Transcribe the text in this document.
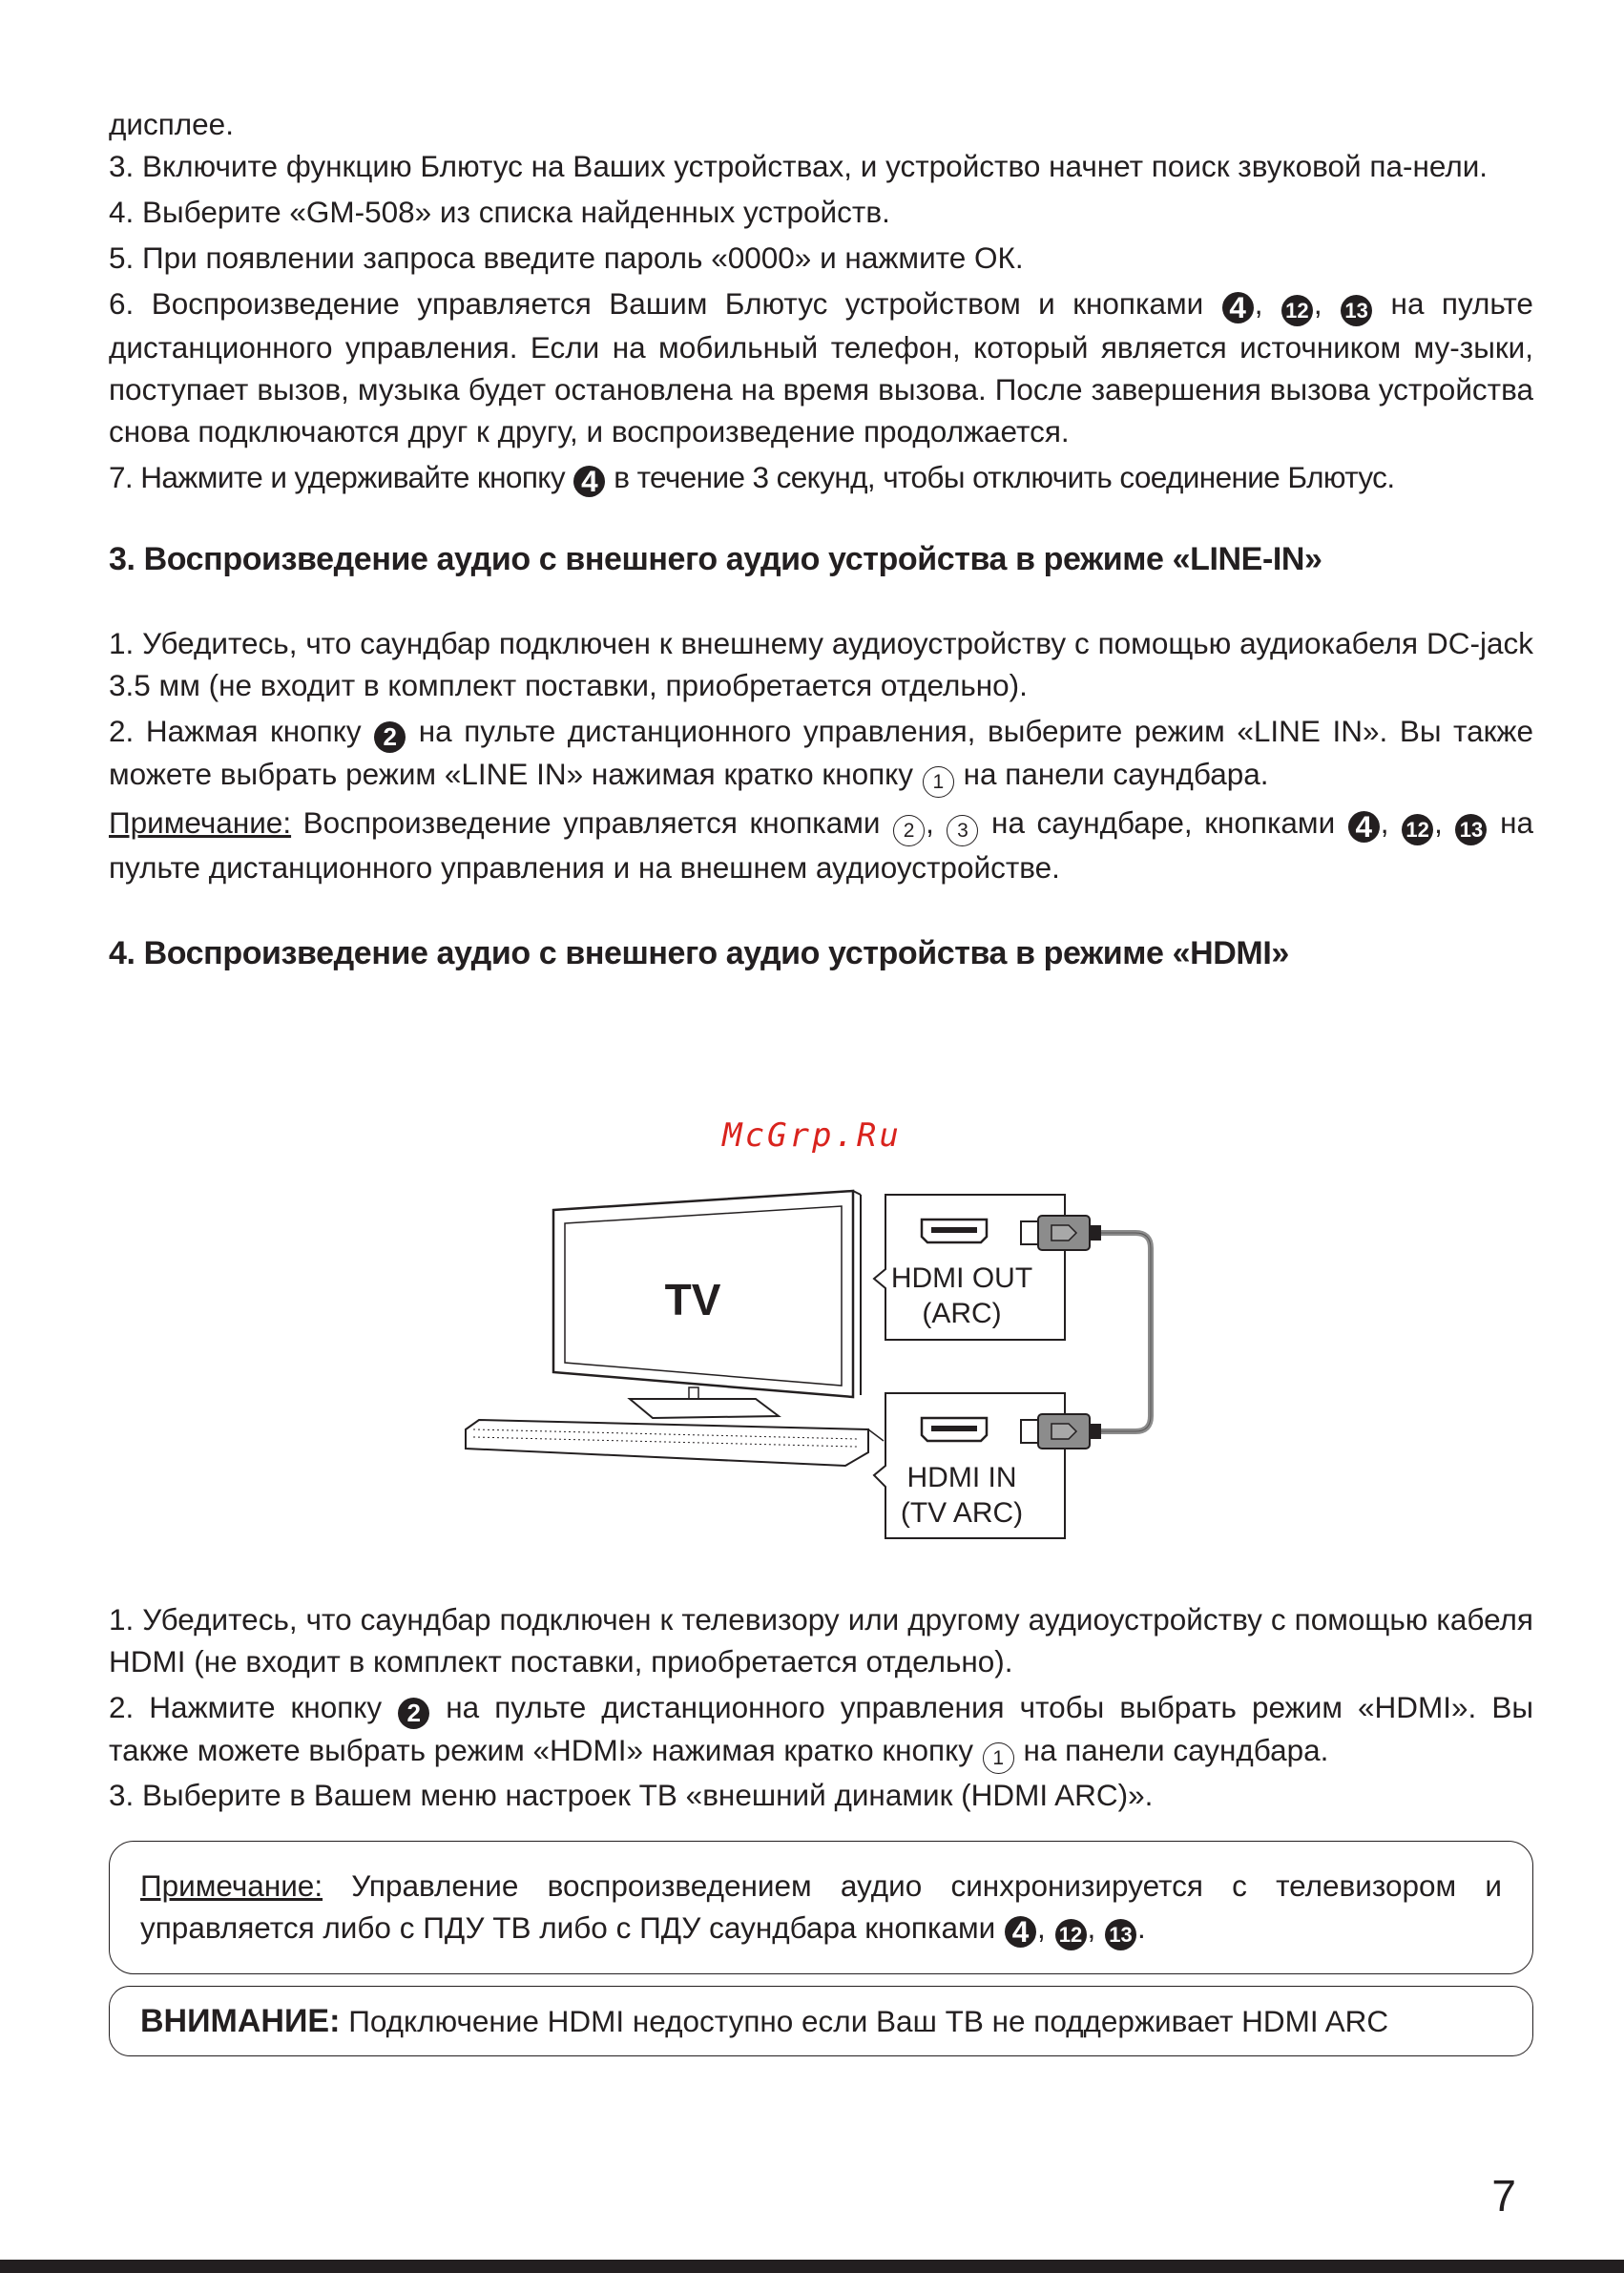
дисплее.

3. Включите функцию Блютус на Ваших устройствах, и устройство начнет поиск звуковой па-нели.

4. Выберите «GM-508» из списка найденных устройств.

5. При появлении запроса введите пароль «0000» и нажмите ОК.

6. Воспроизведение управляется Вашим Блютус устройством и кнопками 4 , 12 , 13 на пульте дистанционного управления. Если на мобильный телефон, который является источником му-зыки, поступает вызов, музыка будет остановлена на время вызова. После завершения вызова устройства снова подключаются друг к другу, и воспроизведение продолжается.

7. Нажмите и удерживайте кнопку 4 в течение 3 секунд, чтобы отключить соединение Блютус.

3. Воспроизведение аудио с внешнего аудио устройства в режиме «LINE-IN»

1. Убедитесь, что саундбар подключен к внешнему аудиоустройству с помощью аудиокабеля DC-jack 3.5 мм (не входит в комплект поставки, приобретается отдельно).

2. Нажмая кнопку 2 на пульте дистанционного управления, выберите режим «LINE IN». Вы также можете выбрать режим «LINE IN» нажимая кратко кнопку 1 на панели саундбара.

Примечание: Воспроизведение управляется кнопками 2 , 3 на саундбаре, кнопками 4 , 12 , 13 на пульте дистанционного управления и на внешнем аудиоустройстве.

4. Воспроизведение аудио с внешнего аудио устройства в режиме «HDMI»

1. Убедитесь, что саундбар подключен к телевизору или другому аудиоустройству с помощью кабеля HDMI (не входит в комплект поставки, приобретается отдельно).

2. Нажмите кнопку 2 на пульте дистанционного управления чтобы выбрать режим «HDMI». Вы также можете выбрать режим «HDMI» нажимая кратко кнопку 1 на панели саундбара.

3. Выберите в Вашем меню настроек ТВ «внешний динамик (HDMI ARC)».

Примечание: Управление воспроизведением аудио синхронизируется с телевизором и управляется либо с ПДУ ТВ либо с ПДУ саундбара кнопками 4 , 12 , 13 .

ВНИМАНИЕ: Подключение HDMI недоступно если Ваш ТВ не поддерживает HDMI ARC

McGrp.Ru
TV	HDMI OUT
(ARC)
HDMI IN
(TV ARC)
7
